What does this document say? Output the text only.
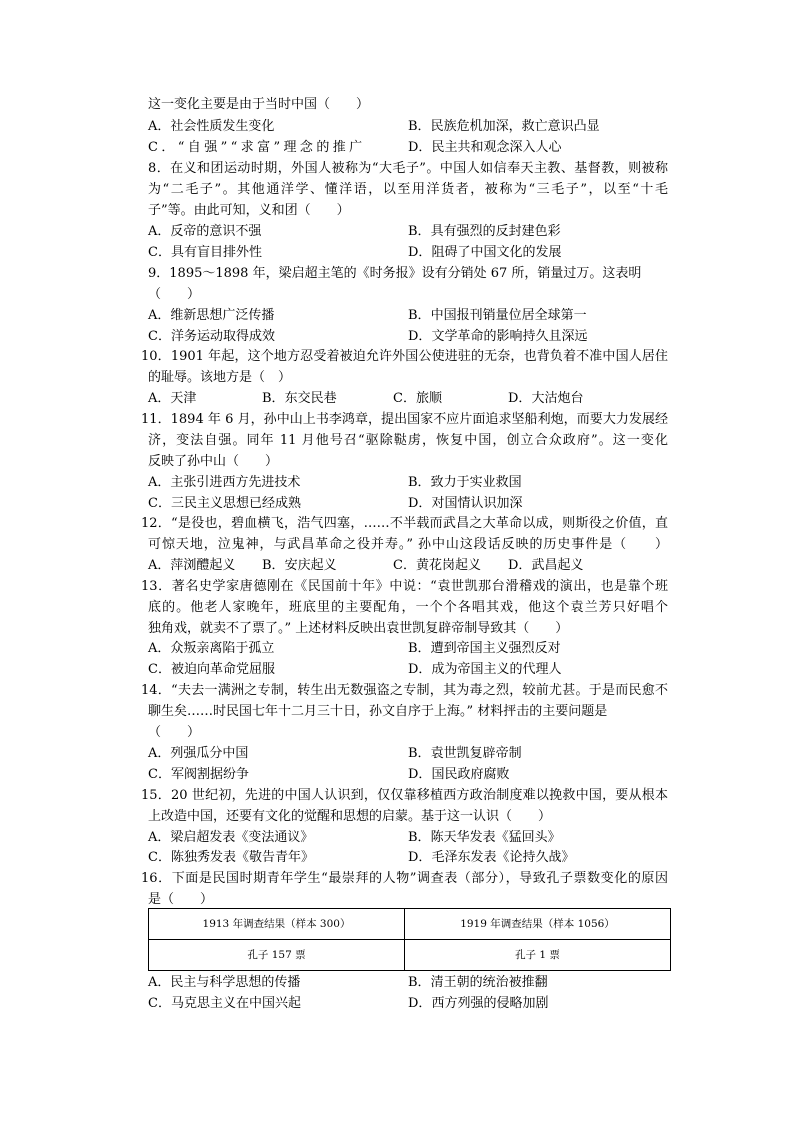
这一变化主要是由于当时中国（　　）
A．社会性质发生变化	B．民族危机加深，救亡意识凸显
C．“自强”“求富”理念的推广	D．民主共和观念深入人心
8．在义和团运动时期，外国人被称为“大毛子”。中国人如信奉天主教、基督教，则被称
为“二毛子”。其他通洋学、懂洋语，以至用洋货者，被称为“三毛子”，以至“十毛
子”等。由此可知，义和团（　　）
A．反帝的意识不强	B．具有强烈的反封建色彩
C．具有盲目排外性	D．阻碍了中国文化的发展
9．1895～1898 年，梁启超主笔的《时务报》设有分销处 67 所，销量过万。这表明
（　　）
A．维新思想广泛传播	B．中国报刊销量位居全球第一
C．洋务运动取得成效	D．文学革命的影响持久且深远
10．1901 年起，这个地方忍受着被迫允许外国公使进驻的无奈，也背负着不准中国人居住
的耻辱。该地方是（　）
A．天津	B．东交民巷	C．旅顺	D．大沽炮台
11．1894 年 6 月，孙中山上书李鸿章，提出国家不应片面追求坚船利炮，而要大力发展经
济，变法自强。同年 11 月他号召“驱除鞑虏，恢复中国，创立合众政府”。这一变化
反映了孙中山（　　）
A．主张引进西方先进技术	B．致力于实业救国
C．三民主义思想已经成熟	D．对国情认识加深
12．“是役也，碧血横飞，浩气四塞，……不半载而武昌之大革命以成，则斯役之价值，直
可惊天地，泣鬼神，与武昌革命之役并寿。” 孙中山这段话反映的历史事件是（　　）
A．萍浏醴起义 B．安庆起义	C．黄花岗起义 D．武昌起义
13．著名史学家唐德刚在《民国前十年》中说：“袁世凯那台滑稽戏的演出，也是靠个班
底的。他老人家晚年，班底里的主要配角，一个个各唱其戏，他这个袁兰芳只好唱个
独角戏，就卖不了票了。” 上述材料反映出袁世凯复辟帝制导致其（　　）
A．众叛亲离陷于孤立	B．遭到帝国主义强烈反对
C．被迫向革命党屈服	D．成为帝国主义的代理人
14．“夫去一满洲之专制，转生出无数强盗之专制，其为毒之烈，较前尤甚。于是而民愈不
聊生矣……时民国七年十二月三十日，孙文自序于上海。” 材料抨击的主要问题是
（　　）
A．列强瓜分中国	B．袁世凯复辟帝制
C．军阀割据纷争	D．国民政府腐败
15．20 世纪初，先进的中国人认识到，仅仅靠移植西方政治制度难以挽救中国，要从根本
上改造中国，还要有文化的觉醒和思想的启蒙。基于这一认识（　　）
A．梁启超发表《变法通议》	B．陈天华发表《猛回头》
C．陈独秀发表《敬告青年》	D．毛泽东发表《论持久战》
16．下面是民国时期青年学生“最崇拜的人物”调查表（部分），导致孔子票数变化的原因
是（　　）
1913 年调查结果（样本 300）	1919 年调查结果（样本 1056）
孔子 157 票	孔子 1 票
A．民主与科学思想的传播	B．清王朝的统治被推翻
C．马克思主义在中国兴起	D．西方列强的侵略加剧
